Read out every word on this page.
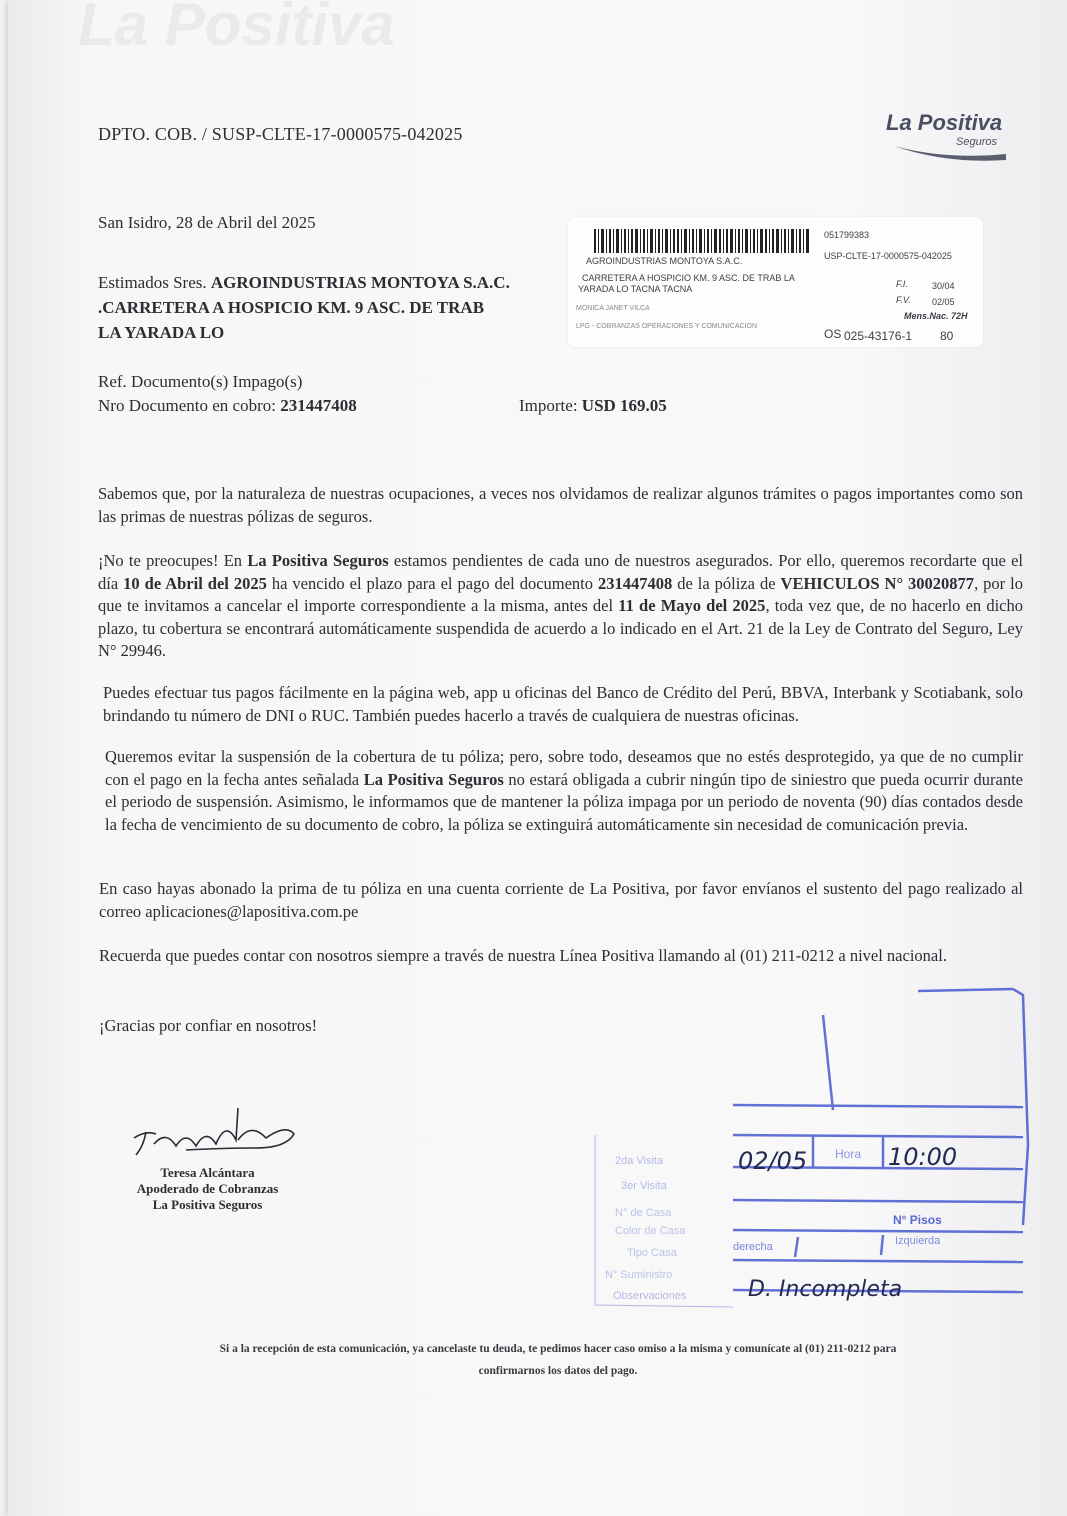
La Positiva
DPTO. COB. / SUSP-CLTE-17-0000575-042025	La Positiva
Seguros
San Isidro, 28 de Abril del 2025
Estimados Sres. AGROINDUSTRIAS MONTOYA S.A.C.
.CARRETERA A HOSPICIO KM. 9 ASC. DE TRAB
LA YARADA LO
051799383
USP-CLTE-17-0000575-042025
AGROINDUSTRIAS MONTOYA S.A.C.
CARRETERA A HOSPICIO KM. 9 ASC. DE TRAB LA
YARADA LO TACNA TACNA	F.I.	30/04
F.V. 02/05
Mens.Nac. 72H
MONICA JANET VILCA
LPG - COBRANZAS OPERACIONES Y COMUNICACION
OS 025-43176-1 80
Ref. Documento(s) Impago(s)
Nro Documento en cobro: 231447408	Importe: USD 169.05
Sabemos que, por la naturaleza de nuestras ocupaciones, a veces nos olvidamos de realizar algunos trámites o pagos importantes como son las primas de nuestras pólizas de seguros.
¡No te preocupes! En La Positiva Seguros estamos pendientes de cada uno de nuestros asegurados. Por ello, queremos recordarte que el día 10 de Abril del 2025 ha vencido el plazo para el pago del documento 231447408 de la póliza de VEHICULOS N° 30020877, por lo que te invitamos a cancelar el importe correspondiente a la misma, antes del 11 de Mayo del 2025, toda vez que, de no hacerlo en dicho plazo, tu cobertura se encontrará automáticamente suspendida de acuerdo a lo indicado en el Art. 21 de la Ley de Contrato del Seguro, Ley N° 29946.
Puedes efectuar tus pagos fácilmente en la página web, app u oficinas del Banco de Crédito del Perú, BBVA, Interbank y Scotiabank, solo brindando tu número de DNI o RUC. También puedes hacerlo a través de cualquiera de nuestras oficinas.
Queremos evitar la suspensión de la cobertura de tu póliza; pero, sobre todo, deseamos que no estés desprotegido, ya que de no cumplir con el pago en la fecha antes señalada La Positiva Seguros no estará obligada a cubrir ningún tipo de siniestro que pueda ocurrir durante el periodo de suspensión. Asimismo, le informamos que de mantener la póliza impaga por un periodo de noventa (90) días contados desde la fecha de vencimiento de su documento de cobro, la póliza se extinguirá automáticamente sin necesidad de comunicación previa.
En caso hayas abonado la prima de tu póliza en una cuenta corriente de La Positiva, por favor envíanos el sustento del pago realizado al correo aplicaciones@lapositiva.com.pe
Recuerda que puedes contar con nosotros siempre a través de nuestra Línea Positiva llamando al (01) 211-0212 a nivel nacional.
¡Gracias por confiar en nosotros!
Teresa Alcántara
Apoderado de Cobranzas
La Positiva Seguros
2da Visita	02/05 Hora 10:00
3er Visita
N° de Casa	N° Pisos
Color de Casa
derecha	Izquierda
Tipo Casa
N° Suministro
Observaciones	D. Incompleta
Si a la recepción de esta comunicación, ya cancelaste tu deuda, te pedimos hacer caso omiso a la misma y comunícate al (01) 211-0212 para
confirmarnos los datos del pago.
